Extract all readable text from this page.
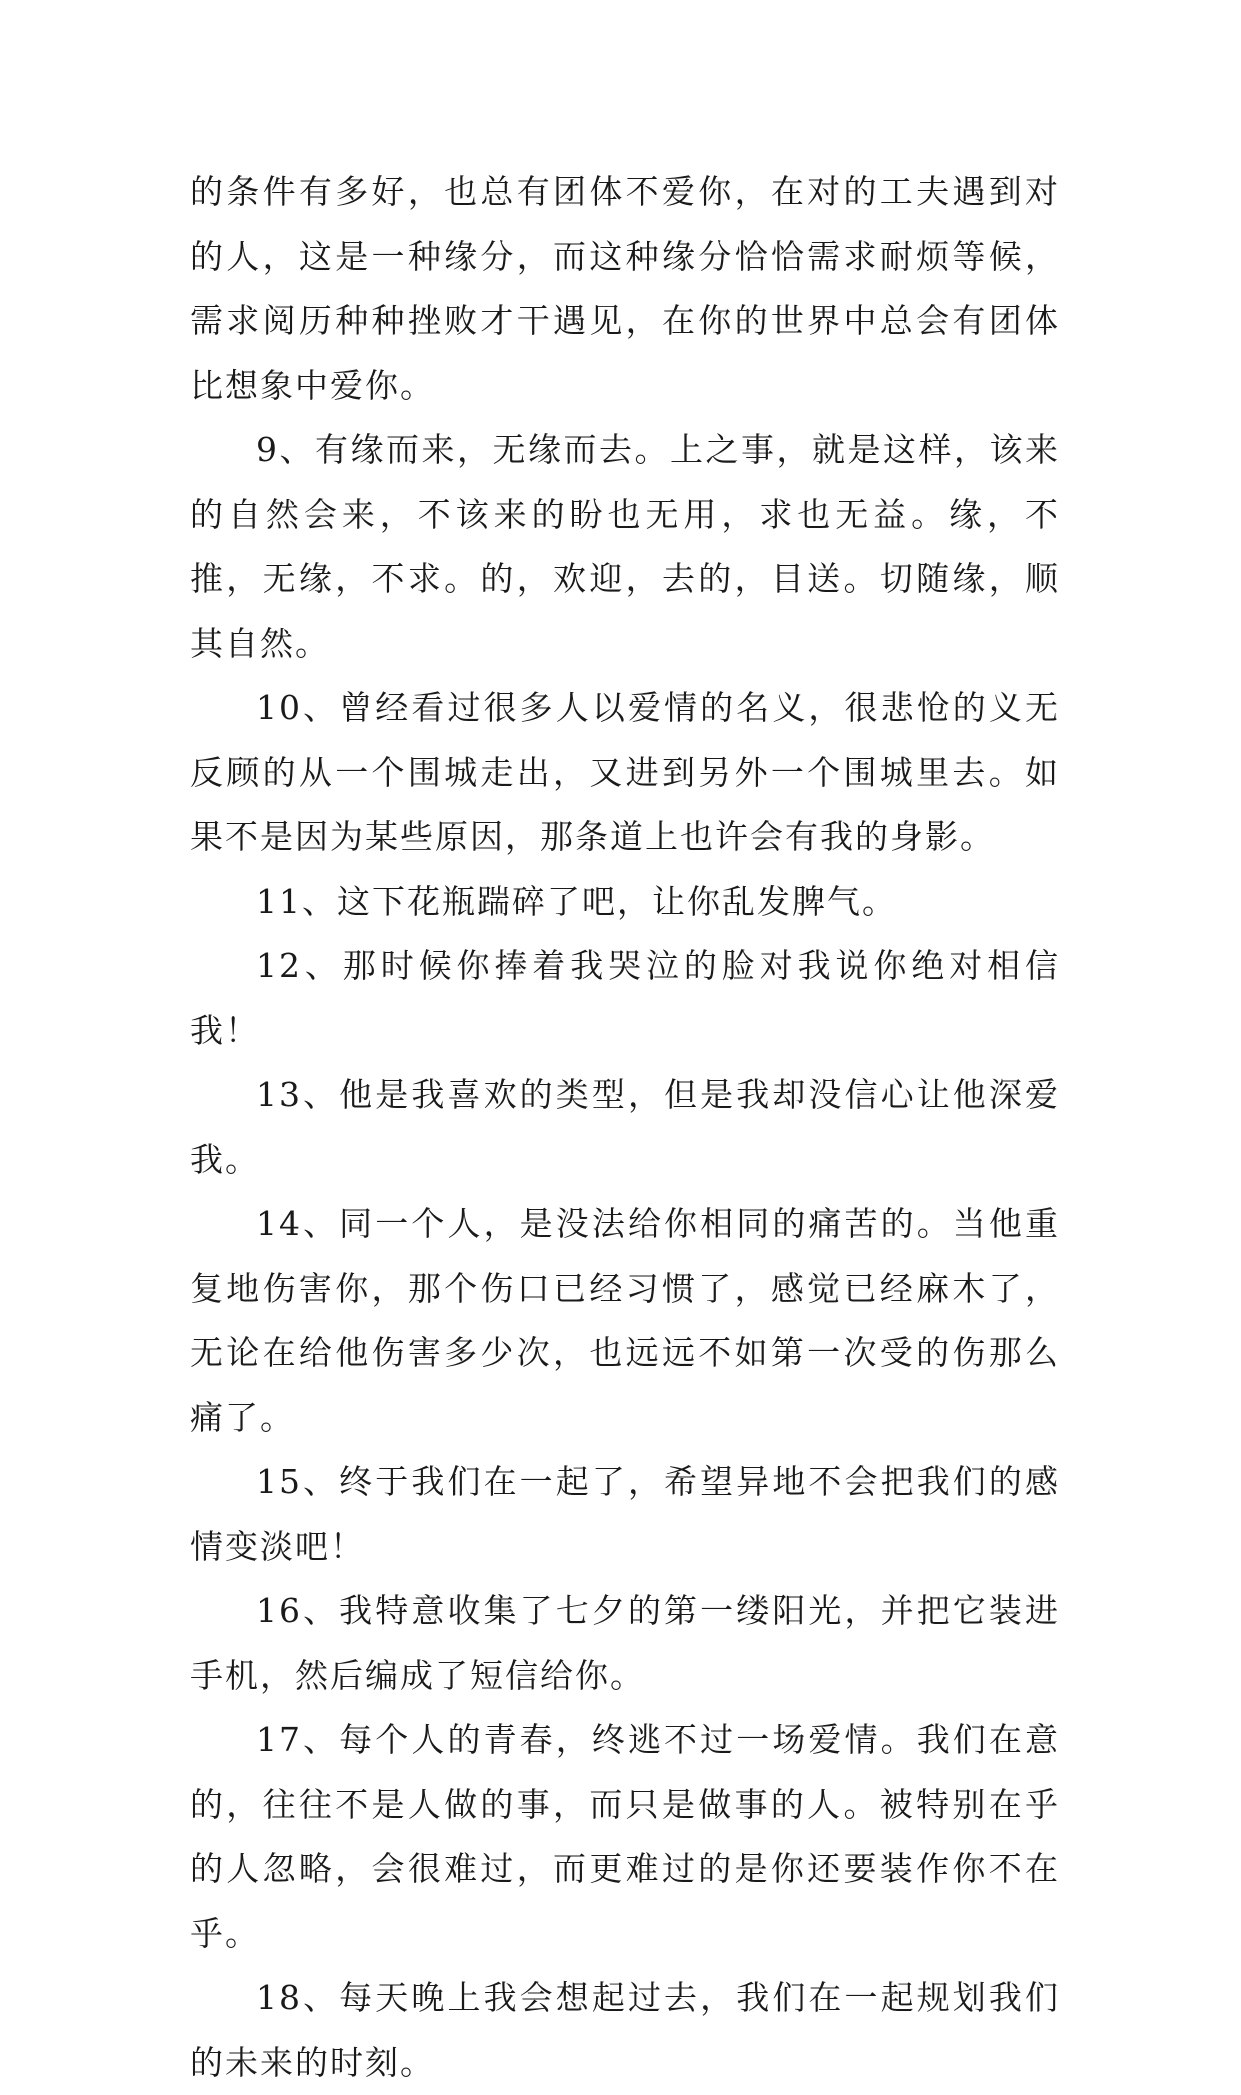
的条件有多好，也总有团体不爱你，在对的工夫遇到对的人，这是一种缘分，而这种缘分恰恰需求耐烦等候，需求阅历种种挫败才干遇见，在你的世界中总会有团体比想象中爱你。

9、有缘而来，无缘而去。上之事，就是这样，该来的自然会来，不该来的盼也无用，求也无益。缘，不推，无缘，不求。的，欢迎，去的，目送。切随缘，顺其自然。

10、曾经看过很多人以爱情的名义，很悲怆的义无反顾的从一个围城走出，又进到另外一个围城里去。如果不是因为某些原因，那条道上也许会有我的身影。

11、这下花瓶踹碎了吧，让你乱发脾气。

12、那时候你捧着我哭泣的脸对我说你绝对相信我！

13、他是我喜欢的类型，但是我却没信心让他深爱我。

14、同一个人，是没法给你相同的痛苦的。当他重复地伤害你，那个伤口已经习惯了，感觉已经麻木了，无论在给他伤害多少次，也远远不如第一次受的伤那么痛了。

15、终于我们在一起了，希望异地不会把我们的感情变淡吧！

16、我特意收集了七夕的第一缕阳光，并把它装进手机，然后编成了短信给你。

17、每个人的青春，终逃不过一场爱情。我们在意的，往往不是人做的事，而只是做事的人。被特别在乎的人忽略，会很难过，而更难过的是你还要装作你不在乎。

18、每天晚上我会想起过去，我们在一起规划我们的未来的时刻。
